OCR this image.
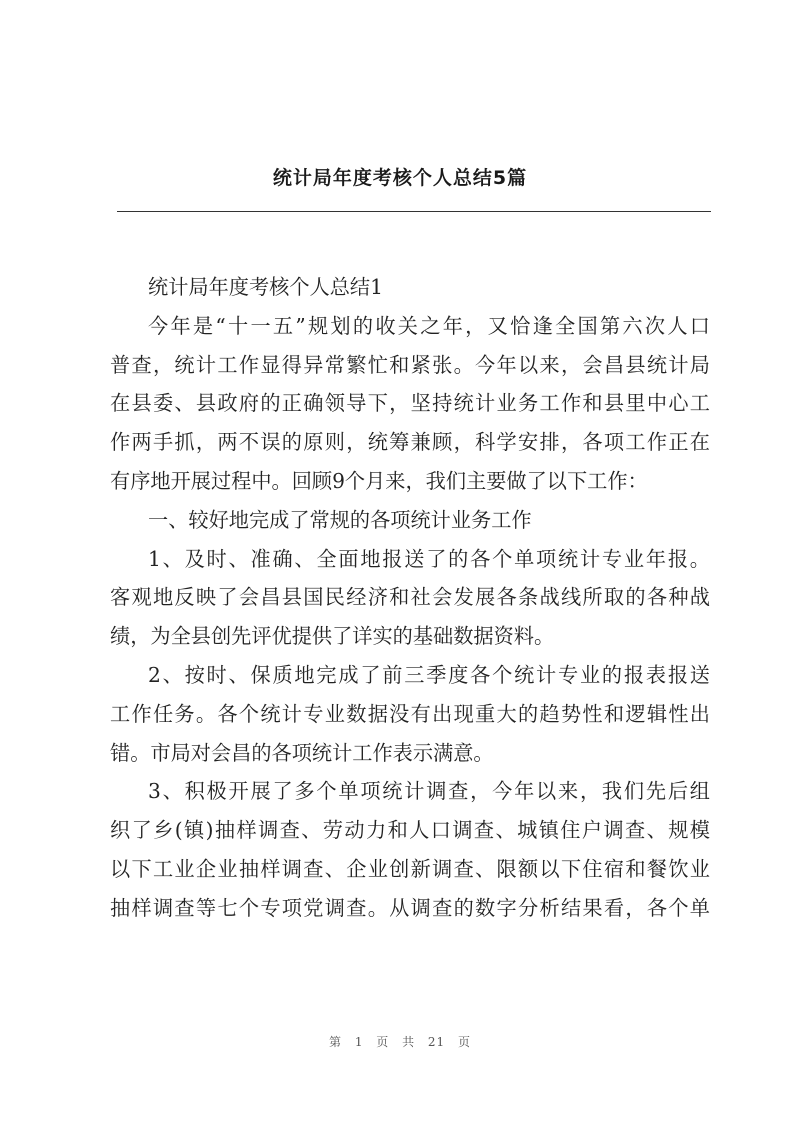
统计局年度考核个人总结5篇
统计局年度考核个人总结1
今年是“十一五”规划的收关之年，又恰逢全国第六次人口
普查，统计工作显得异常繁忙和紧张。今年以来，会昌县统计局
在县委、县政府的正确领导下，坚持统计业务工作和县里中心工
作两手抓，两不误的原则，统筹兼顾，科学安排，各项工作正在
有序地开展过程中。回顾9个月来，我们主要做了以下工作：
一、较好地完成了常规的各项统计业务工作
1、及时、准确、全面地报送了的各个单项统计专业年报。
客观地反映了会昌县国民经济和社会发展各条战线所取的各种战
绩，为全县创先评优提供了详实的基础数据资料。
2、按时、保质地完成了前三季度各个统计专业的报表报送
工作任务。各个统计专业数据没有出现重大的趋势性和逻辑性出
错。市局对会昌的各项统计工作表示满意。
3、积极开展了多个单项统计调查，今年以来，我们先后组
织了乡(镇)抽样调查、劳动力和人口调查、城镇住户调查、规模
以下工业企业抽样调查、企业创新调查、限额以下住宿和餐饮业
抽样调查等七个专项党调查。从调查的数字分析结果看，各个单
第 1 页 共 21 页
